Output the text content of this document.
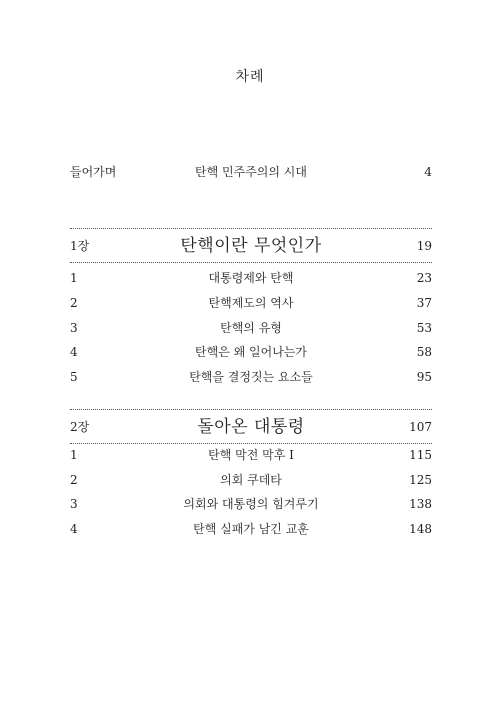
차례
들어가며	탄핵 민주주의의 시대	4
1장	탄핵이란 무엇인가	19
1	대통령제와 탄핵	23
2	탄핵제도의 역사	37
3	탄핵의 유형	53
4	탄핵은 왜 일어나는가	58
5	탄핵을 결정짓는 요소들	95
2장	돌아온 대통령	107
1	탄핵 막전 막후 Ⅰ	115
2	의회 쿠데타	125
3	의회와 대통령의 힘겨루기	138
4	탄핵 실패가 남긴 교훈	148
